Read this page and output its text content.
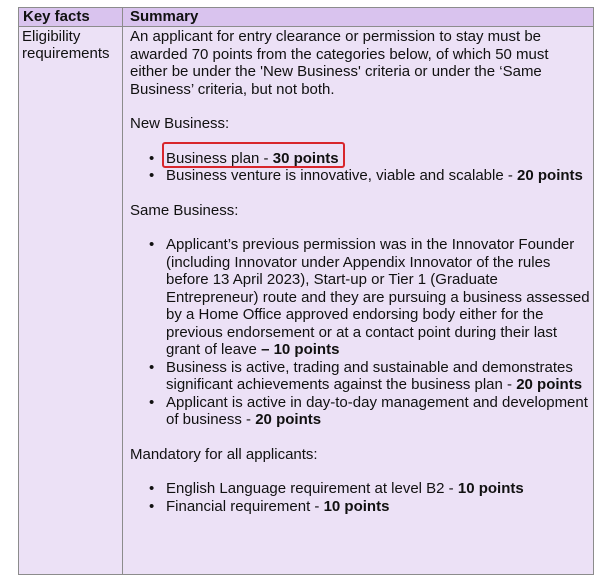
Key facts	Summary
Eligibility
requirements

An applicant for entry clearance or permission to stay must be awarded 70 points from the categories below, of which 50 must either be under the 'New Business' criteria or under the ‘Same Business’ criteria, but not both.

New Business:

• Business plan - 30 points
• Business venture is innovative, viable and scalable - 20 points

Same Business:

• Applicant’s previous permission was in the Innovator Founder (including Innovator under Appendix Innovator of the rules before 13 April 2023), Start-up or Tier 1 (Graduate Entrepreneur) route and they are pursuing a business assessed by a Home Office approved endorsing body either for the previous endorsement or at a contact point during their last grant of leave – 10 points
• Business is active, trading and sustainable and demonstrates significant achievements against the business plan - 20 points
• Applicant is active in day-to-day management and development of business - 20 points

Mandatory for all applicants:

• English Language requirement at level B2 - 10 points
• Financial requirement - 10 points
